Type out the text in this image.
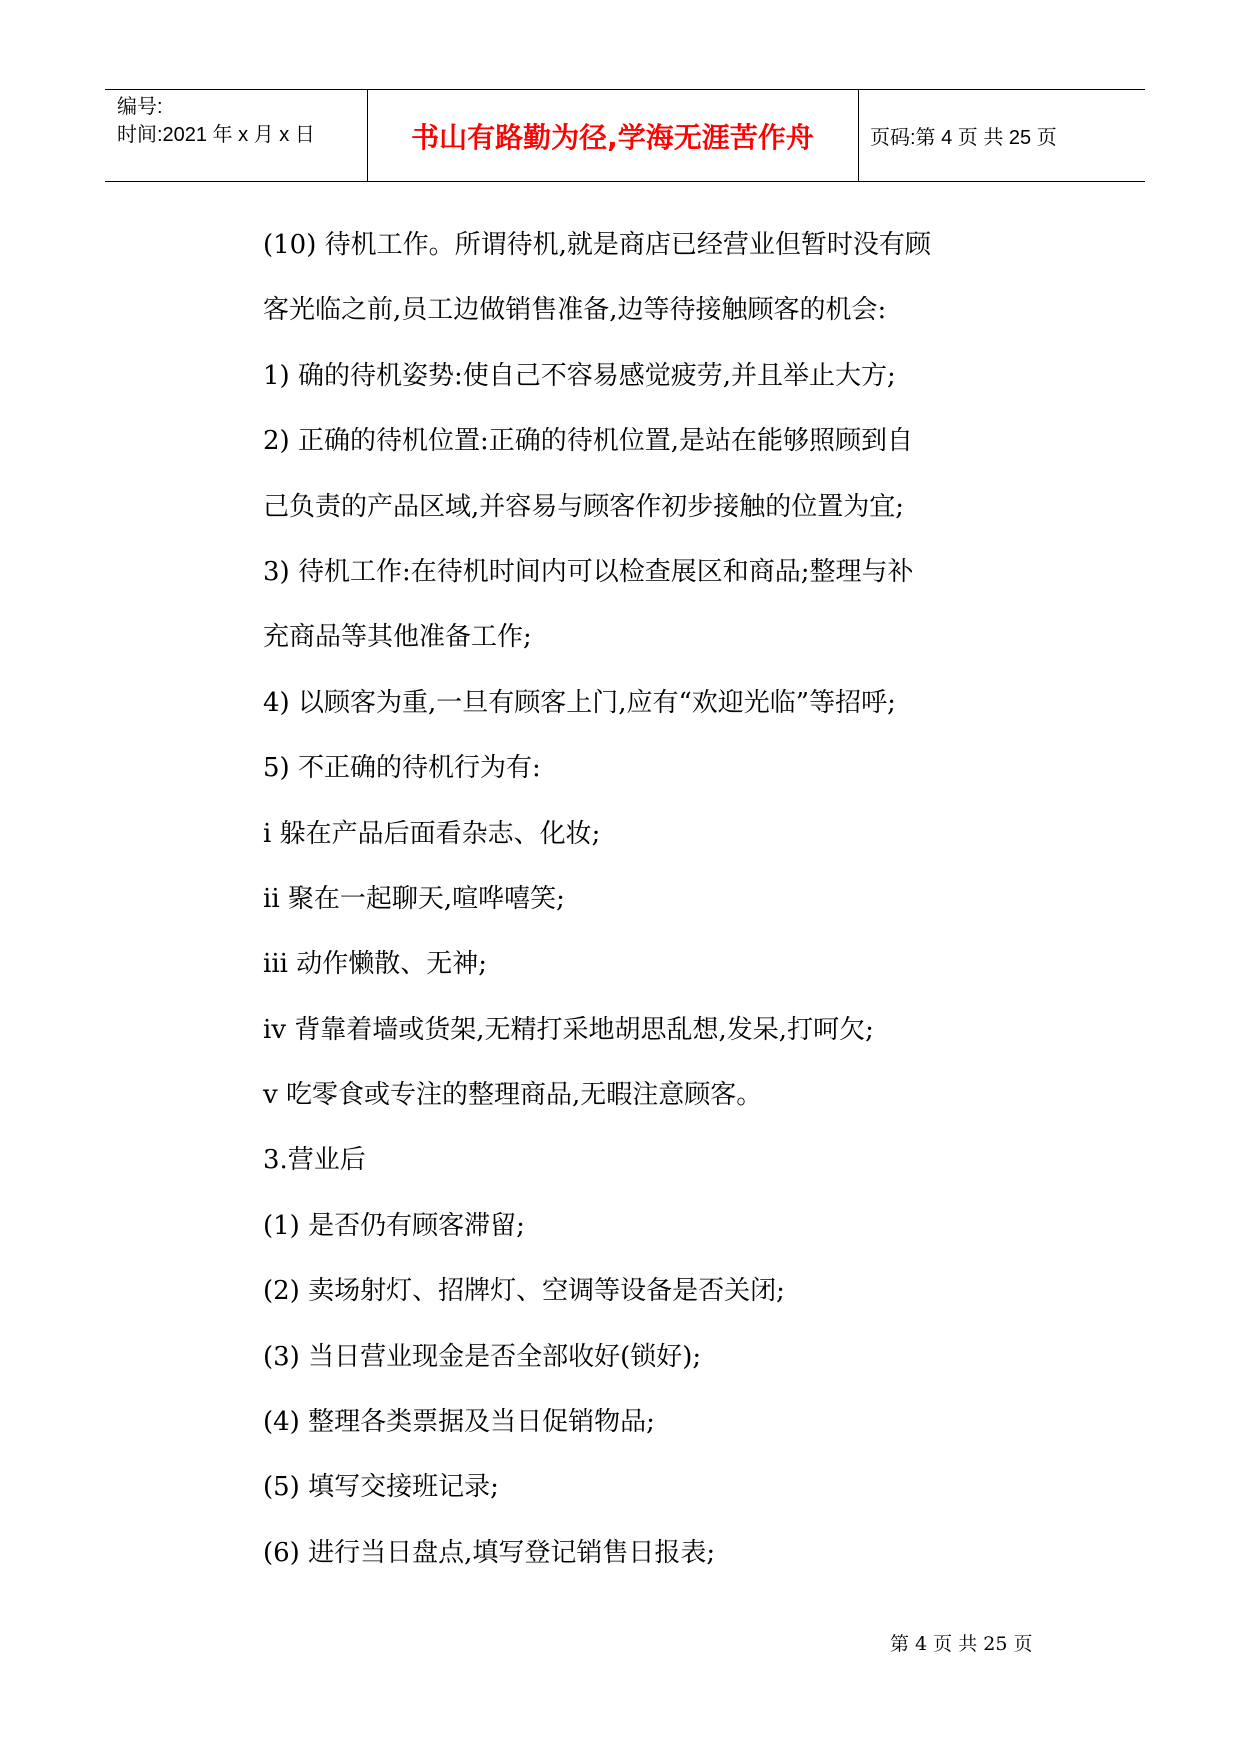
编号:
时间:2021 年 x 月 x 日	书山有路勤为径,学海无涯苦作舟	页码:第 4 页 共 25 页
(10) 待机工作。所谓待机,就是商店已经营业但暂时没有顾
客光临之前,员工边做销售准备,边等待接触顾客的机会:
1) 确的待机姿势:使自己不容易感觉疲劳,并且举止大方;
2) 正确的待机位置:正确的待机位置,是站在能够照顾到自
己负责的产品区域,并容易与顾客作初步接触的位置为宜;
3) 待机工作:在待机时间内可以检查展区和商品;整理与补
充商品等其他准备工作;
4) 以顾客为重,一旦有顾客上门,应有“欢迎光临”等招呼;
5) 不正确的待机行为有:
i 躲在产品后面看杂志、化妆;
ii 聚在一起聊天,喧哗嘻笑;
iii 动作懒散、无神;
iv 背靠着墙或货架,无精打采地胡思乱想,发呆,打呵欠;
v 吃零食或专注的整理商品,无暇注意顾客。
3.营业后
(1) 是否仍有顾客滞留;
(2) 卖场射灯、招牌灯、空调等设备是否关闭;
(3) 当日营业现金是否全部收好(锁好);
(4) 整理各类票据及当日促销物品;
(5) 填写交接班记录;
(6) 进行当日盘点,填写登记销售日报表;
第 4 页 共 25 页
